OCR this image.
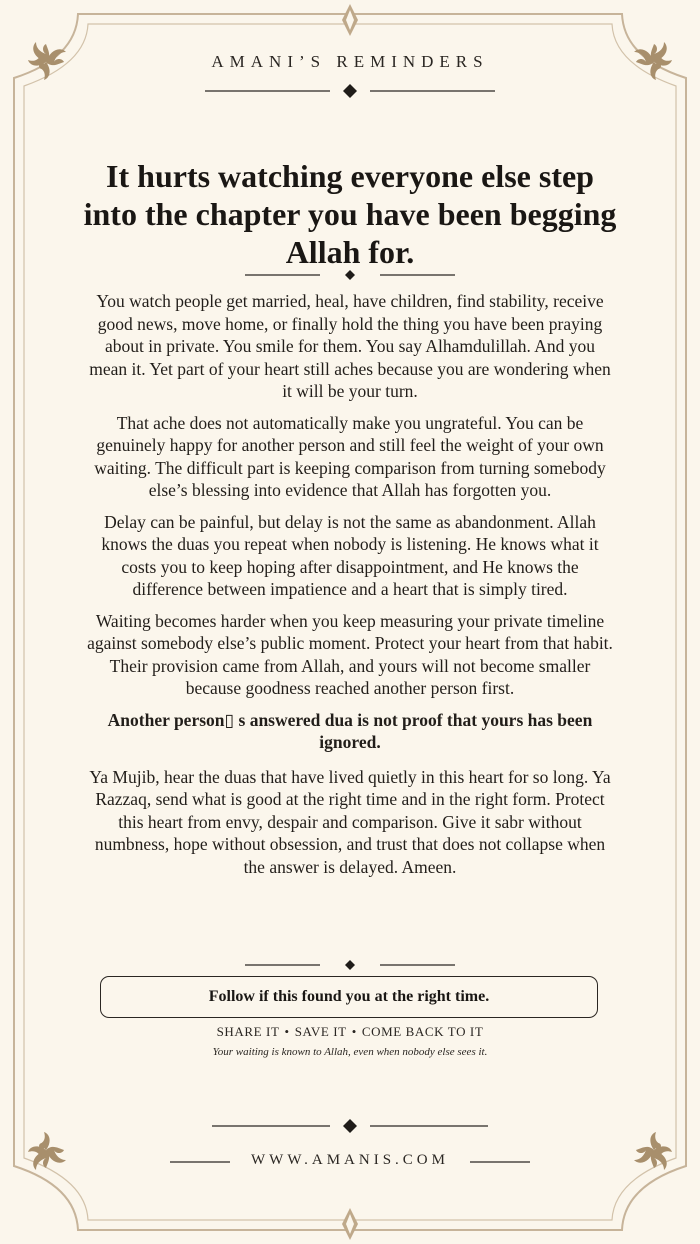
AMANI’S REMINDERS
It hurts watching everyone else step into the chapter you have been begging Allah for.

You watch people get married, heal, have children, find stability, receive good news, move home, or finally hold the thing you have been praying about in private. You smile for them. You say Alhamdulillah. And you mean it. Yet part of your heart still aches because you are wondering when it will be your turn.

That ache does not automatically make you ungrateful. You can be genuinely happy for another person and still feel the weight of your own waiting. The difficult part is keeping comparison from turning somebody else’s blessing into evidence that Allah has forgotten you.

Delay can be painful, but delay is not the same as abandonment. Allah knows the duas you repeat when nobody is listening. He knows what it costs you to keep hoping after disappointment, and He knows the difference between impatience and a heart that is simply tired.

Waiting becomes harder when you keep measuring your private timeline against somebody else’s public moment. Protect your heart from that habit. Their provision came from Allah, and yours will not become smaller because goodness reached another person first.

Another person▯ s answered dua is not proof that yours has been ignored.

Ya Mujib, hear the duas that have lived quietly in this heart for so long. Ya Razzaq, send what is good at the right time and in the right form. Protect this heart from envy, despair and comparison. Give it sabr without numbness, hope without obsession, and trust that does not collapse when the answer is delayed. Ameen.

Follow if this found you at the right time.
SHARE IT • SAVE IT • COME BACK TO IT
Your waiting is known to Allah, even when nobody else sees it.
WWW.AMANIS.COM
